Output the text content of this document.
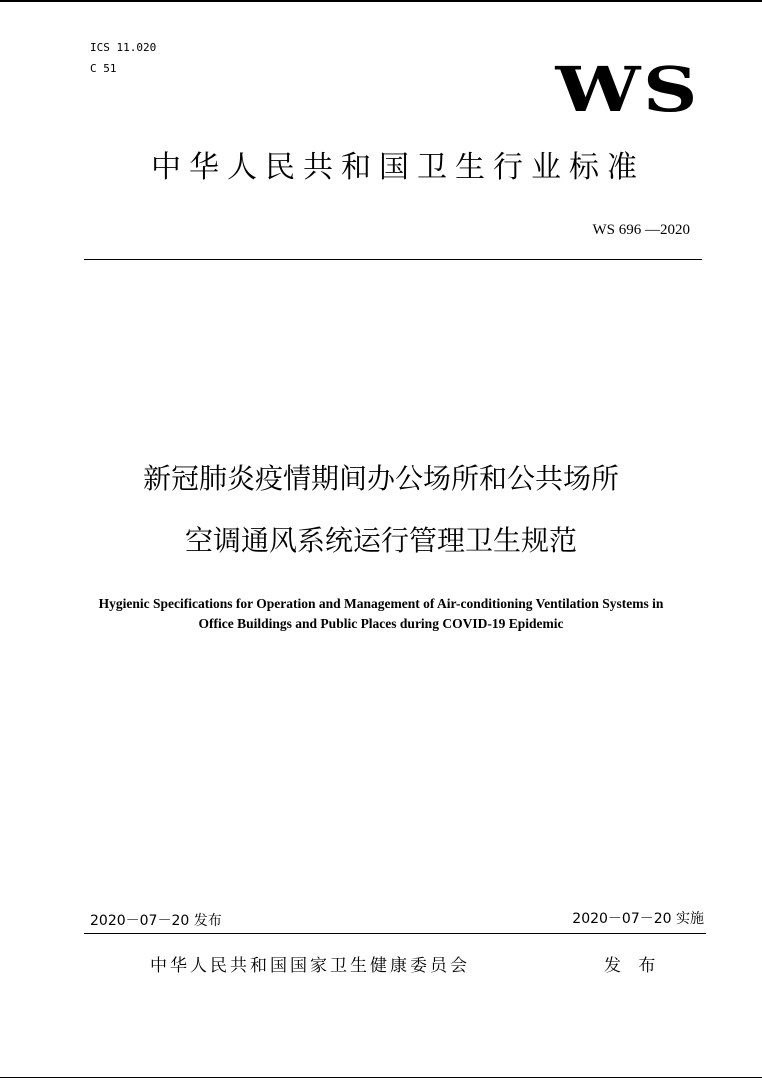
ICS 11.020
C 51	WS
中华人民共和国卫生行业标准
WS 696 —2020
新冠肺炎疫情期间办公场所和公共场所
空调通风系统运行管理卫生规范
Hygienic Specifications for Operation and Management of Air-conditioning Ventilation Systems in
Office Buildings and Public Places during COVID-19 Epidemic
2020－07－20 发布	2020－07－20 实施
中华人民共和国国家卫生健康委员会	发 布
